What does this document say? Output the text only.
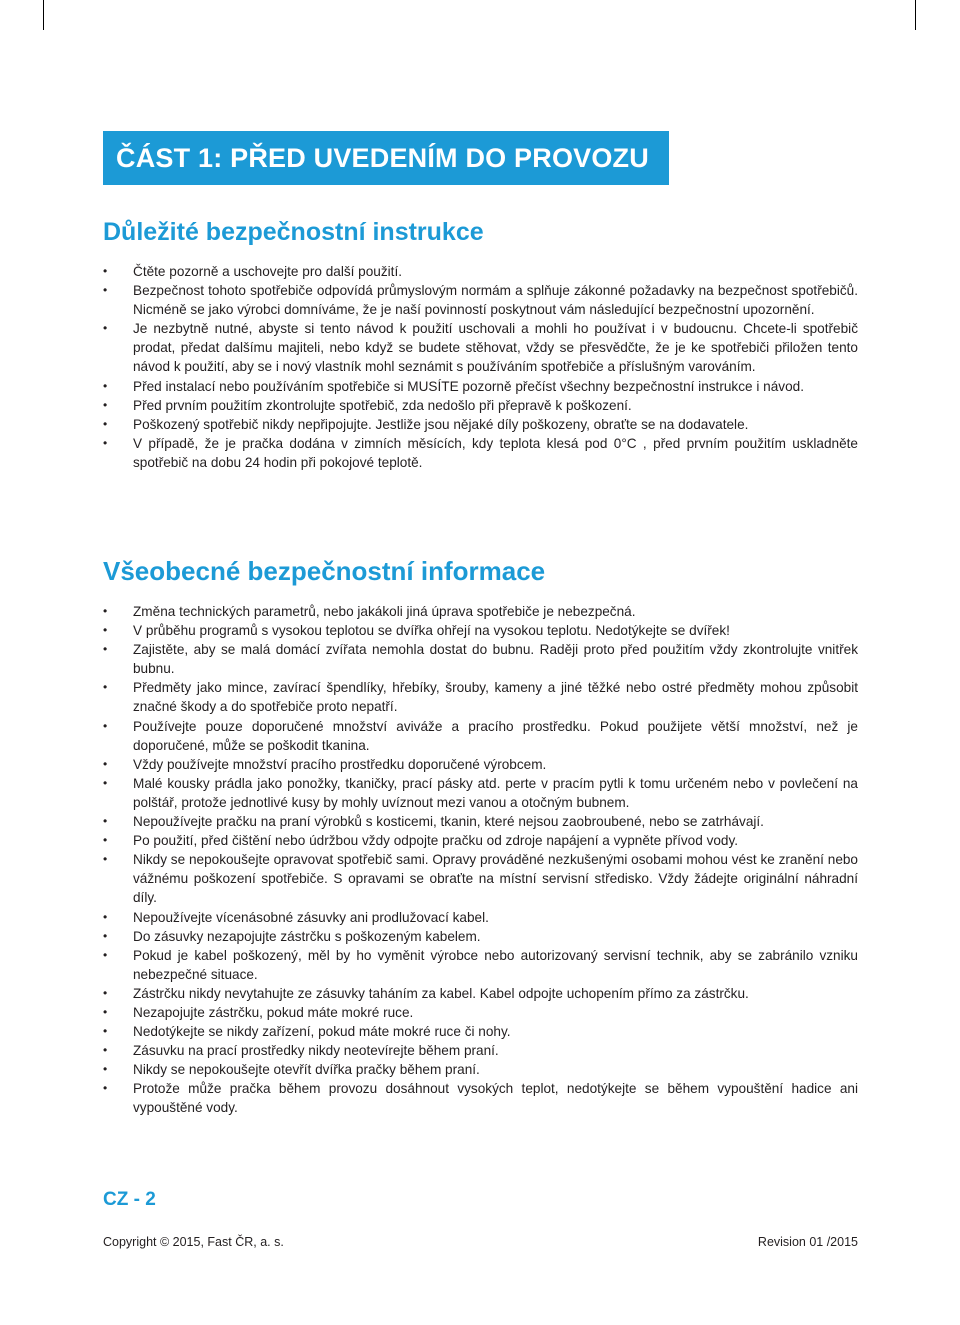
ČÁST 1: PŘED UVEDENÍM DO PROVOZU
Důležité bezpečnostní instrukce
• Čtěte pozorně a uschovejte pro další použití.
• Bezpečnost tohoto spotřebiče odpovídá průmyslovým normám a splňuje zákonné požadavky na bezpečnost spotřebičů. Nicméně se jako výrobci domníváme, že je naší povinností poskytnout vám následující bezpečnostní upozornění.
• Je nezbytně nutné, abyste si tento návod k použití uschovali a mohli ho používat i v budoucnu. Chcete-li spotřebič prodat, předat dalšímu majiteli, nebo když se budete stěhovat, vždy se přesvědčte, že je ke spotřebiči přiložen tento návod k použití, aby se i nový vlastník mohl seznámit s používáním spotřebiče a příslušným varováním.
• Před instalací nebo používáním spotřebiče si MUSÍTE pozorně přečíst všechny bezpečnostní instrukce i návod.
• Před prvním použitím zkontrolujte spotřebič, zda nedošlo při přepravě k poškození.
• Poškozený spotřebič nikdy nepřipojujte. Jestliže jsou nějaké díly poškozeny, obraťte se na dodavatele.
• V případě, že je pračka dodána v zimních měsících, kdy teplota klesá pod 0°C , před prvním použitím uskladněte spotřebič na dobu 24 hodin při pokojové teplotě.
Všeobecné bezpečnostní informace
• Změna technických parametrů, nebo jakákoli jiná úprava spotřebiče je nebezpečná.
• V průběhu programů s vysokou teplotou se dvířka ohřejí na vysokou teplotu. Nedotýkejte se dvířek!
• Zajistěte, aby se malá domácí zvířata nemohla dostat do bubnu. Raději proto před použitím vždy zkontrolujte vnitřek bubnu.
• Předměty jako mince, zavírací špendlíky, hřebíky, šrouby, kameny a jiné těžké nebo ostré předměty mohou způsobit značné škody a do spotřebiče proto nepatří.
• Používejte pouze doporučené množství aviváže a pracího prostředku. Pokud použijete větší množství, než je doporučené, může se poškodit tkanina.
• Vždy používejte množství pracího prostředku doporučené výrobcem.
• Malé kousky prádla jako ponožky, tkaničky, prací pásky atd. perte v pracím pytli k tomu určeném nebo v povlečení na polštář, protože jednotlivé kusy by mohly uvíznout mezi vanou a otočným bubnem.
• Nepoužívejte pračku na praní výrobků s kosticemi, tkanin, které nejsou zaobroubené, nebo se zatrhávají.
• Po použití, před čištění nebo údržbou vždy odpojte pračku od zdroje napájení a vypněte přívod vody.
• Nikdy se nepokoušejte opravovat spotřebič sami. Opravy prováděné nezkušenými osobami mohou vést ke zranění nebo vážnému poškození spotřebiče. S opravami se obraťte na místní servisní středisko. Vždy žádejte originální náhradní díly.
• Nepoužívejte vícenásobné zásuvky ani prodlužovací kabel.
• Do zásuvky nezapojujte zástrčku s poškozeným kabelem.
• Pokud je kabel poškozený, měl by ho vyměnit výrobce nebo autorizovaný servisní technik, aby se zabránilo vzniku nebezpečné situace.
• Zástrčku nikdy nevytahujte ze zásuvky taháním za kabel. Kabel odpojte uchopením přímo za zástrčku.
• Nezapojujte zástrčku, pokud máte mokré ruce.
• Nedotýkejte se nikdy zařízení, pokud máte mokré ruce či nohy.
• Zásuvku na prací prostředky nikdy neotevírejte během praní.
• Nikdy se nepokoušejte otevřít dvířka pračky během praní.
• Protože může pračka během provozu dosáhnout vysokých teplot, nedotýkejte se během vypouštění hadice ani vypouštěné vody.
CZ - 2
Copyright © 2015, Fast ČR, a. s.	Revision 01 /2015
